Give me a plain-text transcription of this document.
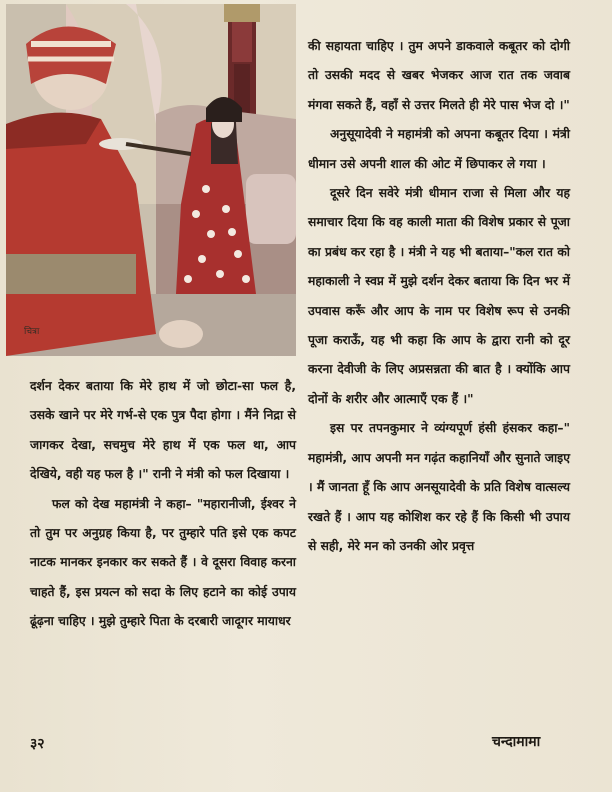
चित्रा

की सहायता चाहिए । तुम अपने डाकवाले कबूतर को दोगी तो उसकी मदद से खबर भेजकर आज रात तक जवाब मंगवा सकते हैं, वहाँ से उत्तर मिलते ही मेरे पास भेज दो ।"

अनुसूयादेवी ने महामंत्री को अपना कबूतर दिया । मंत्री धीमान उसे अपनी शाल की ओट में छिपाकर ले गया ।

दूसरे दिन सवेरे मंत्री धीमान राजा से मिला और यह समाचार दिया कि वह काली माता की विशेष प्रकार से पूजा का प्रबंध कर रहा है । मंत्री ने यह भी बताया–"कल रात को महाकाली ने स्वप्न में मुझे दर्शन देकर बताया कि दिन भर में उपवास करूँ और आप के नाम पर विशेष रूप से उनकी पूजा कराऊँ, यह भी कहा कि आप के द्वारा रानी को दूर करना देवीजी के लिए अप्रसन्नता की बात है । क्योंकि आप दोनों के शरीर और आत्माएँ एक हैं ।"

इस पर तपनकुमार ने व्यंग्यपूर्ण हंसी हंसकर कहा–" महामंत्री, आप अपनी मन गढ़ंत कहानियाँ और सुनाते जाइए । मैं जानता हूँ कि आप अनसूयादेवी के प्रति विशेष वात्सल्य रखते हैं । आप यह कोशिश कर रहे हैं कि किसी भी उपाय से सही, मेरे मन को उनकी ओर प्रवृत्त

दर्शन देकर बताया कि मेरे हाथ में जो छोटा-सा फल है, उसके खाने पर मेरे गर्भ-से एक पुत्र पैदा होगा । मैंने निद्रा से जागकर देखा, सचमुच मेरे हाथ में एक फल था, आप देखिये, वही यह फल है ।" रानी ने मंत्री को फल दिखाया ।

फल को देख महामंत्री ने कहा– "महारानीजी, ईश्वर ने तो तुम पर अनुग्रह किया है, पर तुम्हारे पति इसे एक कपट नाटक मानकर इनकार कर सकते हैं । वे दूसरा विवाह करना चाहते हैं, इस प्रयत्न को सदा के लिए हटाने का कोई उपाय ढूंढ़ना चाहिए । मुझे तुम्हारे पिता के दरबारी जादूगर मायाधर

३२	चन्दामामा
